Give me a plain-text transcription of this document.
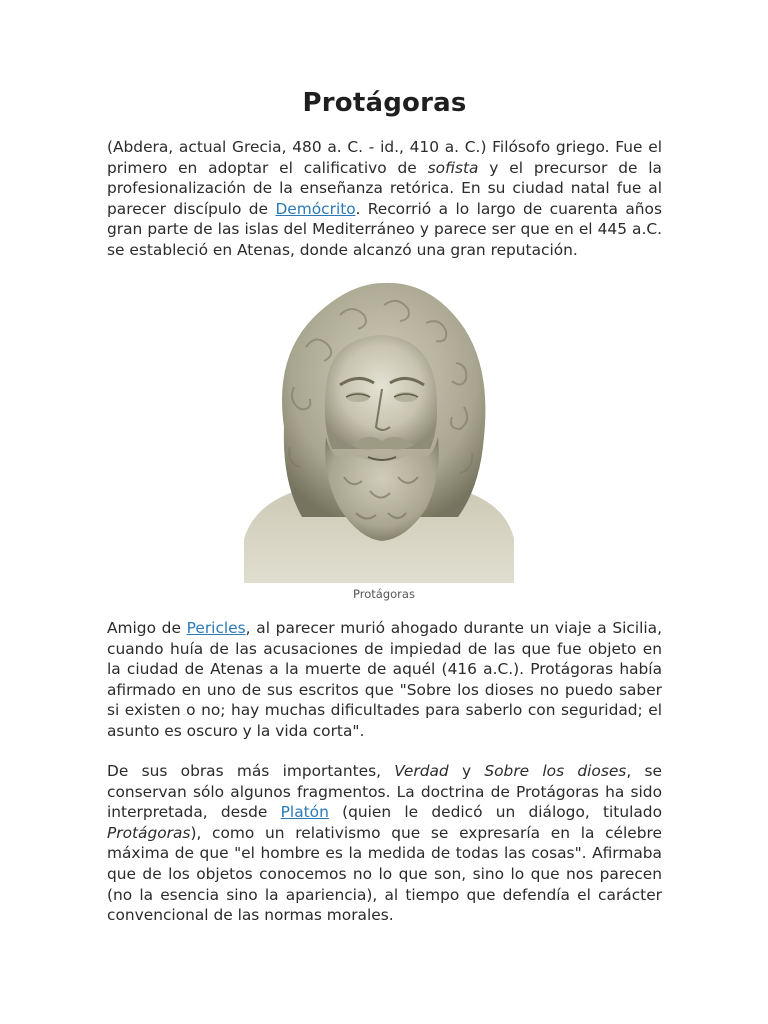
Protágoras

(Abdera, actual Grecia, 480 a. C. - id., 410 a. C.) Filósofo griego. Fue el primero en adoptar el calificativo de sofista y el precursor de la profesionalización de la enseñanza retórica. En su ciudad natal fue al parecer discípulo de Demócrito. Recorrió a lo largo de cuarenta años gran parte de las islas del Mediterráneo y parece ser que en el 445 a.C. se estableció en Atenas, donde alcanzó una gran reputación.

Amigo de Pericles, al parecer murió ahogado durante un viaje a Sicilia, cuando huía de las acusaciones de impiedad de las que fue objeto en la ciudad de Atenas a la muerte de aquél (416 a.C.). Protágoras había afirmado en uno de sus escritos que "Sobre los dioses no puedo saber si existen o no; hay muchas dificultades para saberlo con seguridad; el asunto es oscuro y la vida corta".

De sus obras más importantes, Verdad y Sobre los dioses, se conservan sólo algunos fragmentos. La doctrina de Protágoras ha sido interpretada, desde Platón (quien le dedicó un diálogo, titulado Protágoras), como un relativismo que se expresaría en la célebre máxima de que "el hombre es la medida de todas las cosas". Afirmaba que de los objetos conocemos no lo que son, sino lo que nos parecen (no la esencia sino la apariencia), al tiempo que defendía el carácter convencional de las normas morales.

Protágoras
